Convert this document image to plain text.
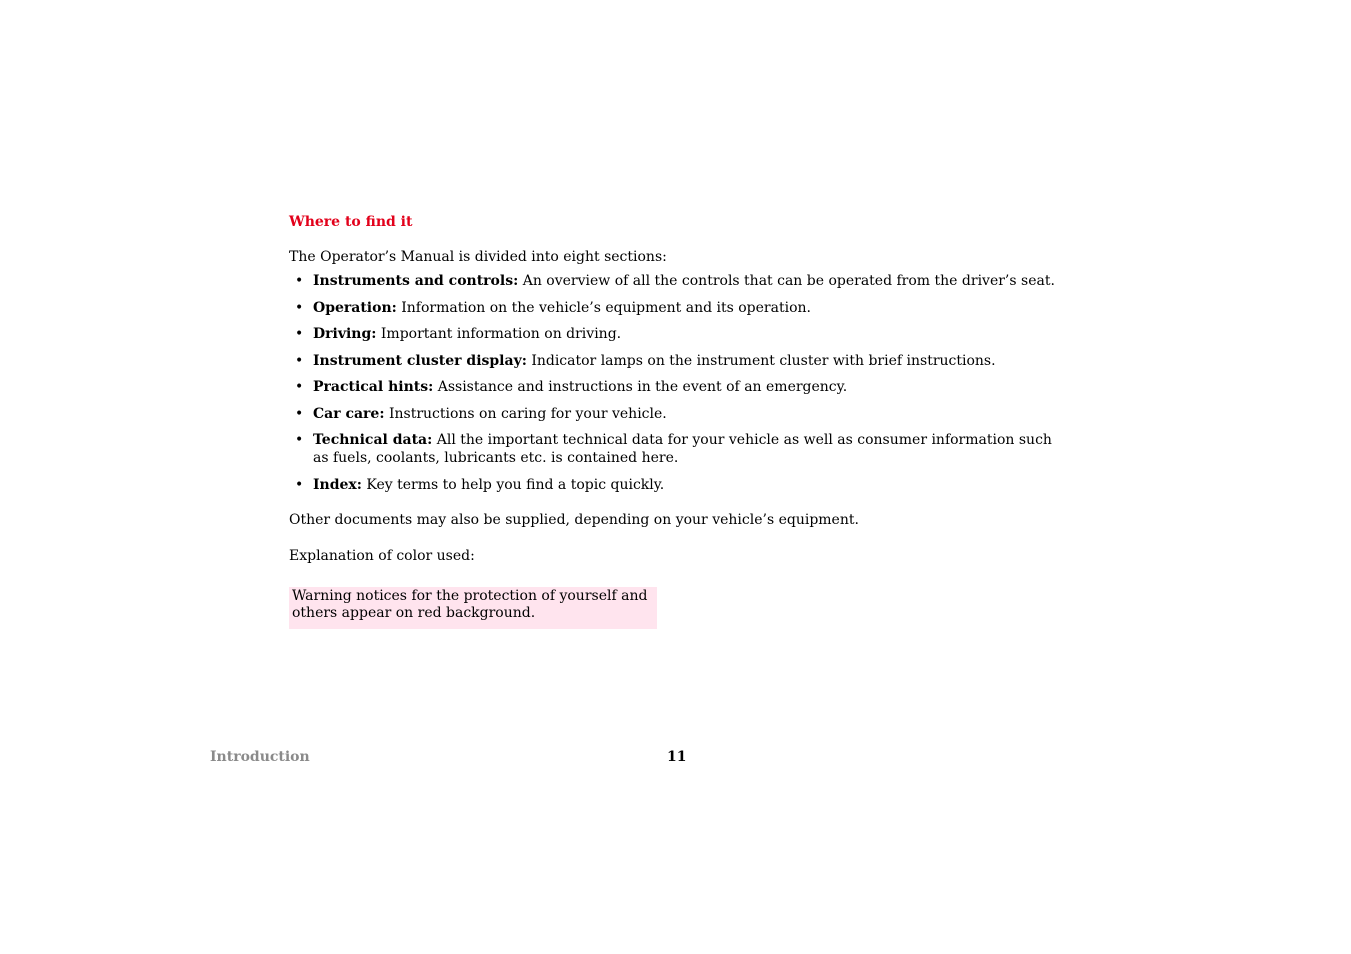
Where to find it

The Operator’s Manual is divided into eight sections:

• Instruments and controls: An overview of all the controls that can be operated from the driver’s seat.
• Operation: Information on the vehicle’s equipment and its operation.
• Driving: Important information on driving.
• Instrument cluster display: Indicator lamps on the instrument cluster with brief instructions.
• Practical hints: Assistance and instructions in the event of an emergency.
• Car care: Instructions on caring for your vehicle.
• Technical data: All the important technical data for your vehicle as well as consumer information such as fuels, coolants, lubricants etc. is contained here.
• Index: Key terms to help you find a topic quickly.

Other documents may also be supplied, depending on your vehicle’s equipment.

Explanation of color used:

Warning notices for the protection of yourself and
others appear on red background.
Introduction	11
